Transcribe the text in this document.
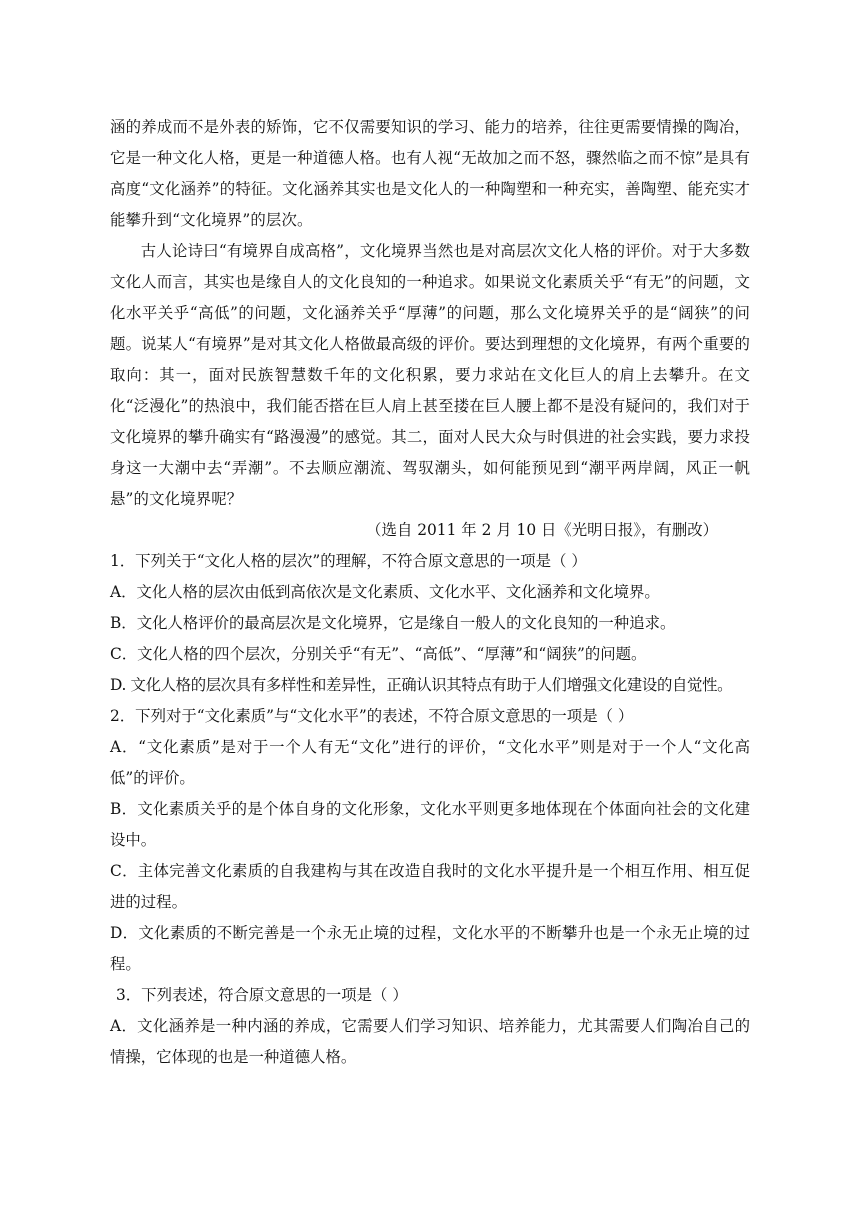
涵的养成而不是外表的矫饰，它不仅需要知识的学习、能力的培养，往往更需要情操的陶冶，它是一种文化人格，更是一种道德人格。也有人视“无故加之而不怒，骤然临之而不惊”是具有高度“文化涵养”的特征。文化涵养其实也是文化人的一种陶塑和一种充实，善陶塑、能充实才能攀升到“文化境界”的层次。

古人论诗曰“有境界自成高格”，文化境界当然也是对高层次文化人格的评价。对于大多数文化人而言，其实也是缘自人的文化良知的一种追求。如果说文化素质关乎“有无”的问题，文化水平关乎“高低”的问题，文化涵养关乎“厚薄”的问题，那么文化境界关乎的是“阔狭”的问题。说某人“有境界”是对其文化人格做最高级的评价。要达到理想的文化境界，有两个重要的取向：其一，面对民族智慧数千年的文化积累，要力求站在文化巨人的肩上去攀升。在文化“泛漫化”的热浪中，我们能否搭在巨人肩上甚至搂在巨人腰上都不是没有疑问的，我们对于文化境界的攀升确实有“路漫漫”的感觉。其二，面对人民大众与时俱进的社会实践，要力求投身这一大潮中去“弄潮”。不去顺应潮流、驾驭潮头，如何能预见到“潮平两岸阔，风正一帆悬”的文化境界呢？

（选自 2011 年 2 月 10 日《光明日报》，有删改）

1．下列关于“文化人格的层次”的理解，不符合原文意思的一项是（ ）

A．文化人格的层次由低到高依次是文化素质、文化水平、文化涵养和文化境界。

B．文化人格评价的最高层次是文化境界，它是缘自一般人的文化良知的一种追求。

C．文化人格的四个层次，分别关乎“有无”、“高低”、“厚薄”和“阔狭”的问题。

D. 文化人格的层次具有多样性和差异性，正确认识其特点有助于人们增强文化建设的自觉性。

2．下列对于“文化素质”与“文化水平”的表述，不符合原文意思的一项是（ ）

A．“文化素质”是对于一个人有无“文化”进行的评价，“文化水平”则是对于一个人“文化高低”的评价。

B．文化素质关乎的是个体自身的文化形象，文化水平则更多地体现在个体面向社会的文化建设中。

C．主体完善文化素质的自我建构与其在改造自我时的文化水平提升是一个相互作用、相互促进的过程。

D．文化素质的不断完善是一个永无止境的过程，文化水平的不断攀升也是一个永无止境的过程。

3．下列表述，符合原文意思的一项是（ ）

A．文化涵养是一种内涵的养成，它需要人们学习知识、培养能力，尤其需要人们陶冶自己的情操，它体现的也是一种道德人格。
